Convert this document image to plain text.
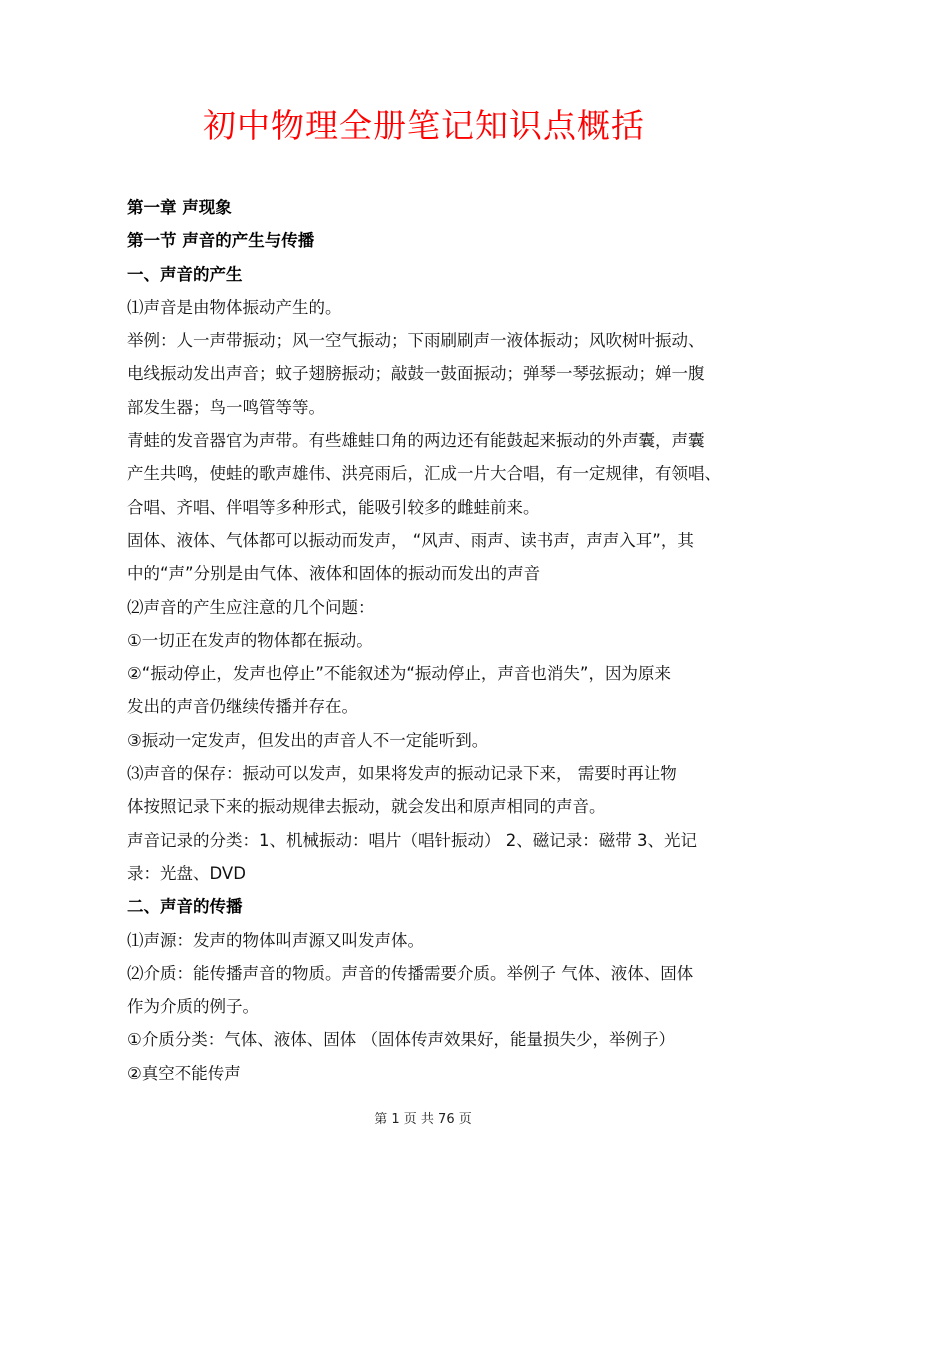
初中物理全册笔记知识点概括
第一章 声现象
第一节 声音的产生与传播
一、声音的产生
⑴声音是由物体振动产生的。
举例：人一声带振动；风一空气振动；下雨刷刷声一液体振动；风吹树叶振动、
电线振动发出声音；蚊子翅膀振动；敲鼓一鼓面振动；弹琴一琴弦振动；婵一腹
部发生器；鸟一鸣管等等。
青蛙的发音器官为声带。有些雄蛙口角的两边还有能鼓起来振动的外声囊，声囊
产生共鸣，使蛙的歌声雄伟、洪亮雨后，汇成一片大合唱，有一定规律，有领唱、
合唱、齐唱、伴唱等多种形式，能吸引较多的雌蛙前来。
固体、液体、气体都可以振动而发声， “风声、雨声、读书声，声声入耳”，其
中的“声”分别是由气体、液体和固体的振动而发出的声音
⑵声音的产生应注意的几个问题：
①一切正在发声的物体都在振动。
②“振动停止，发声也停止”不能叙述为“振动停止，声音也消失”，因为原来
发出的声音仍继续传播并存在。
③振动一定发声，但发出的声音人不一定能听到。
⑶声音的保存：振动可以发声，如果将发声的振动记录下来， 需要时再让物
体按照记录下来的振动规律去振动，就会发出和原声相同的声音。
声音记录的分类：1、机械振动：唱片（唱针振动） 2、磁记录：磁带 3、光记
录：光盘、DVD
二、声音的传播
⑴声源：发声的物体叫声源又叫发声体。
⑵介质：能传播声音的物质。声音的传播需要介质。举例子 气体、液体、固体
作为介质的例子。
①介质分类：气体、液体、固体 （固体传声效果好，能量损失少，举例子）
②真空不能传声
第 1 页 共 76 页
